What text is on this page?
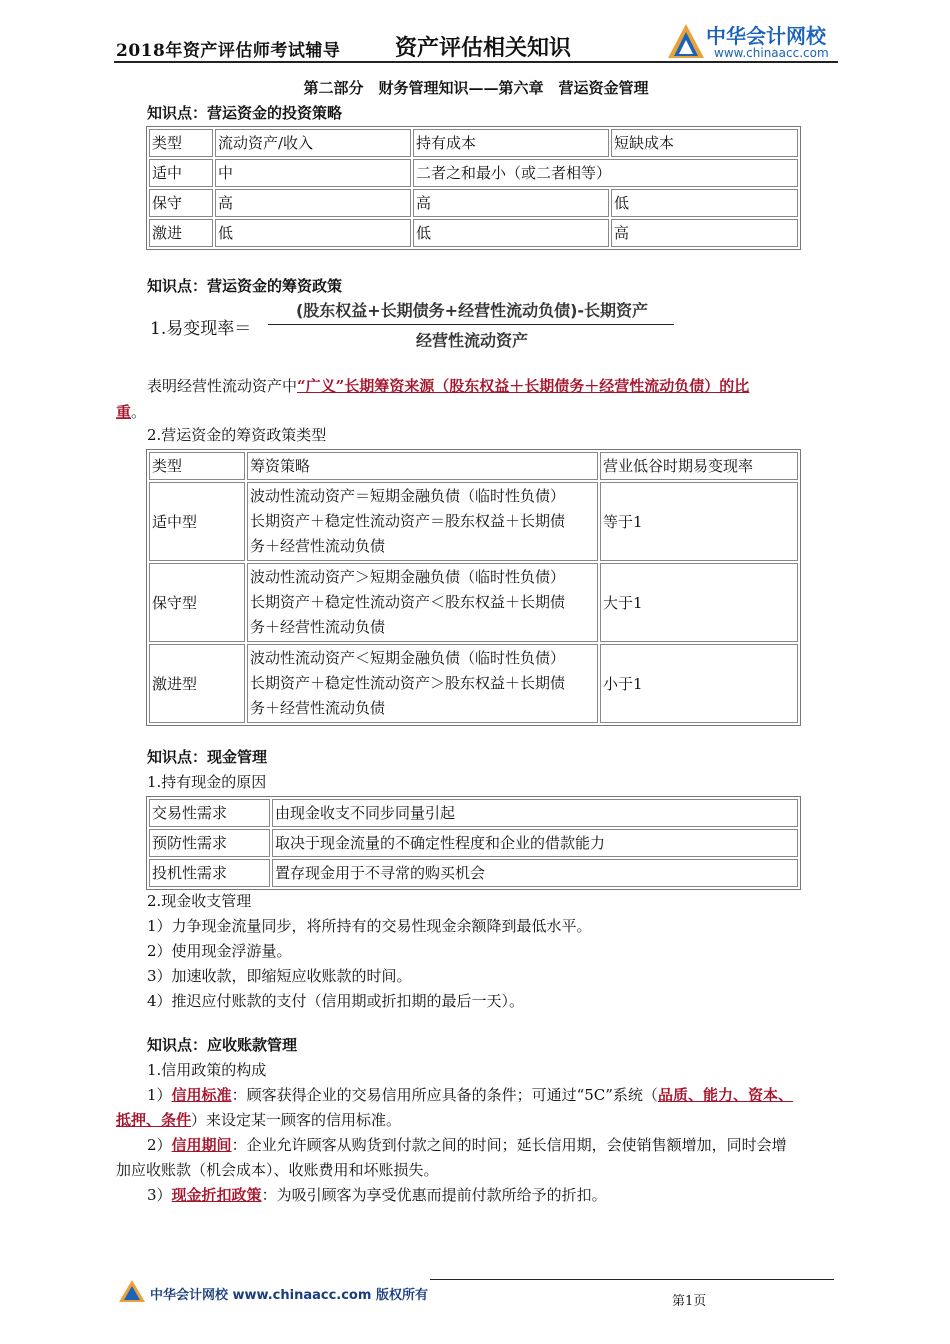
2018年资产评估师考试辅导 资产评估相关知识	中华会计网校
www.chinaacc.com
第二部分　财务管理知识——第六章　营运资金管理
知识点：营运资金的投资策略
类型	流动资产/收入	持有成本	短缺成本
适中	中	二者之和最小（或二者相等）	
保守	高	高	低
激进	低	低	高
知识点：营运资金的筹资政策
1.易变现率＝
(股东权益+长期债务+经营性流动负债)-长期资产
经营性流动资产
表明经营性流动资产中“广义”长期筹资来源（股东权益＋长期债务＋经营性流动负债）的比
重。
2.营运资金的筹资政策类型
类型	筹资策略	营业低谷时期易变现率
适中型	波动性流动资产＝短期金融负债（临时性负债）
长期资产＋稳定性流动资产＝股东权益＋长期债
务＋经营性流动负债	等于1
保守型	波动性流动资产＞短期金融负债（临时性负债）
长期资产＋稳定性流动资产＜股东权益＋长期债
务＋经营性流动负债	大于1
激进型	波动性流动资产＜短期金融负债（临时性负债）
长期资产＋稳定性流动资产＞股东权益＋长期债
务＋经营性流动负债	小于1
知识点：现金管理
1.持有现金的原因
交易性需求	由现金收支不同步同量引起
预防性需求	取决于现金流量的不确定性程度和企业的借款能力
投机性需求	置存现金用于不寻常的购买机会
2.现金收支管理
1）力争现金流量同步，将所持有的交易性现金余额降到最低水平。
2）使用现金浮游量。
3）加速收款，即缩短应收账款的时间。
4）推迟应付账款的支付（信用期或折扣期的最后一天）。
知识点：应收账款管理
1.信用政策的构成
1）信用标准：顾客获得企业的交易信用所应具备的条件；可通过“5C”系统（品质、能力、资本、
抵押、条件）来设定某一顾客的信用标准。
2）信用期间：企业允许顾客从购货到付款之间的时间；延长信用期，会使销售额增加，同时会增
加应收账款（机会成本）、收账费用和坏账损失。
3）现金折扣政策：为吸引顾客为享受优惠而提前付款所给予的折扣。
中华会计网校 www.chinaacc.com 版权所有	第1页
